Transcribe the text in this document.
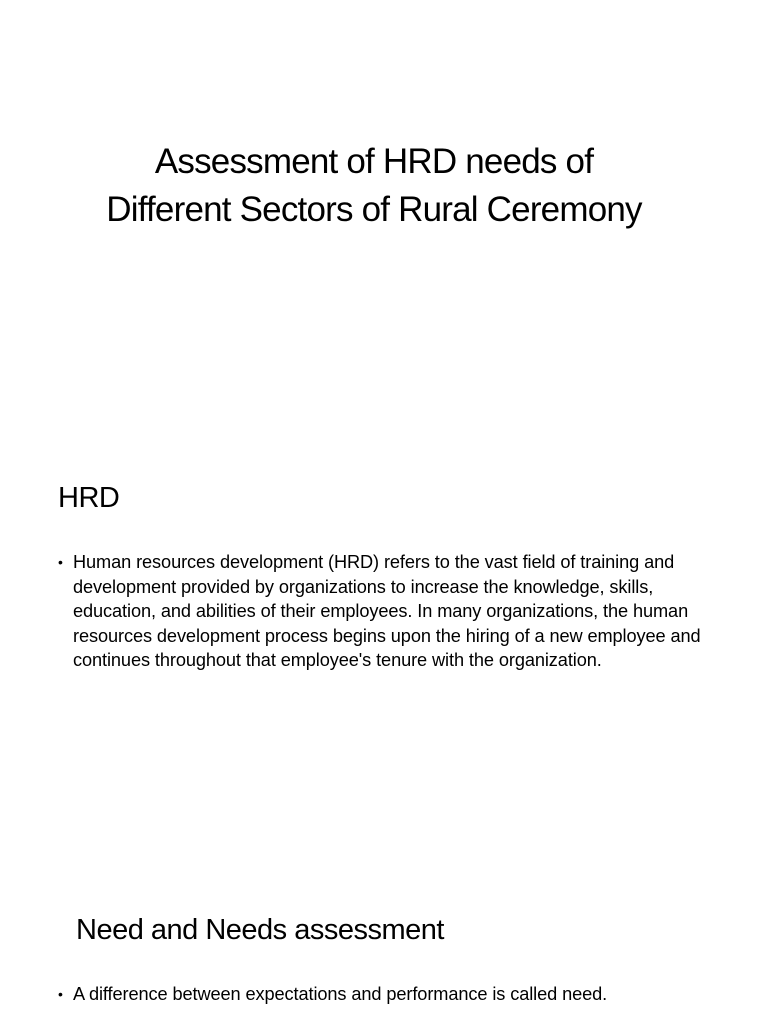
Assessment of HRD needs of Different Sectors of Rural Ceremony
HRD
• Human resources development (HRD) refers to the vast field of training and development provided by organizations to increase the knowledge, skills, education, and abilities of their employees. In many organizations, the human resources development process begins upon the hiring of a new employee and continues throughout that employee's tenure with the organization.
Need and Needs assessment
• A difference between expectations and performance is called need.
